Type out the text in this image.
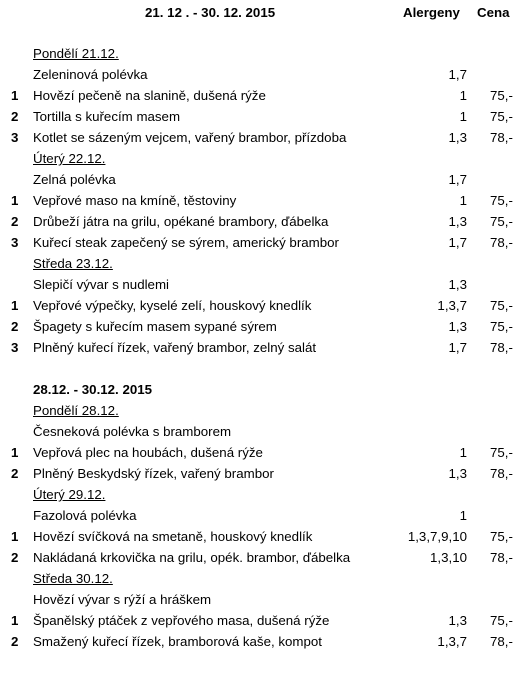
21. 12 . - 30. 12. 2015	Alergeny Cena
Pondělí 21.12.
Zeleninová polévka	1,7
1 Hovězí pečeně na slanině, dušená rýže	1 75,-
2 Tortilla s kuřecím masem	1 75,-
3 Kotlet se sázeným vejcem, vařený brambor, přízdoba	1,3 78,-
Úterý 22.12.
Zelná polévka	1,7
1 Vepřové maso na kmíně, těstoviny	1 75,-
2 Drůbeží játra na grilu, opékané brambory, ďábelka	1,3 75,-
3 Kuřecí steak zapečený se sýrem, americký brambor	1,7 78,-
Středa 23.12.
Slepičí vývar s nudlemi	1,3
1 Vepřové výpečky, kyselé zelí, houskový knedlík	1,3,7 75,-
2 Špagety s kuřecím masem sypané sýrem	1,3 75,-
3 Plněný kuřecí řízek, vařený brambor, zelný salát	1,7 78,-
28.12. - 30.12. 2015
Pondělí 28.12.
Česneková polévka s bramborem
1 Vepřová plec na houbách, dušená rýže	1 75,-
2 Plněný Beskydský řízek, vařený brambor	1,3 78,-
Úterý 29.12.
Fazolová polévka	1
1 Hovězí svíčková na smetaně, houskový knedlík	1,3,7,9,10 75,-
2 Nakládaná krkovička na grilu, opék. brambor, ďábelka	1,3,10 78,-
Středa 30.12.
Hovězí vývar s rýží a hráškem
1 Španělský ptáček z vepřového masa, dušená rýže	1,3 75,-
2 Smažený kuřecí řízek, bramborová kaše, kompot	1,3,7 78,-
